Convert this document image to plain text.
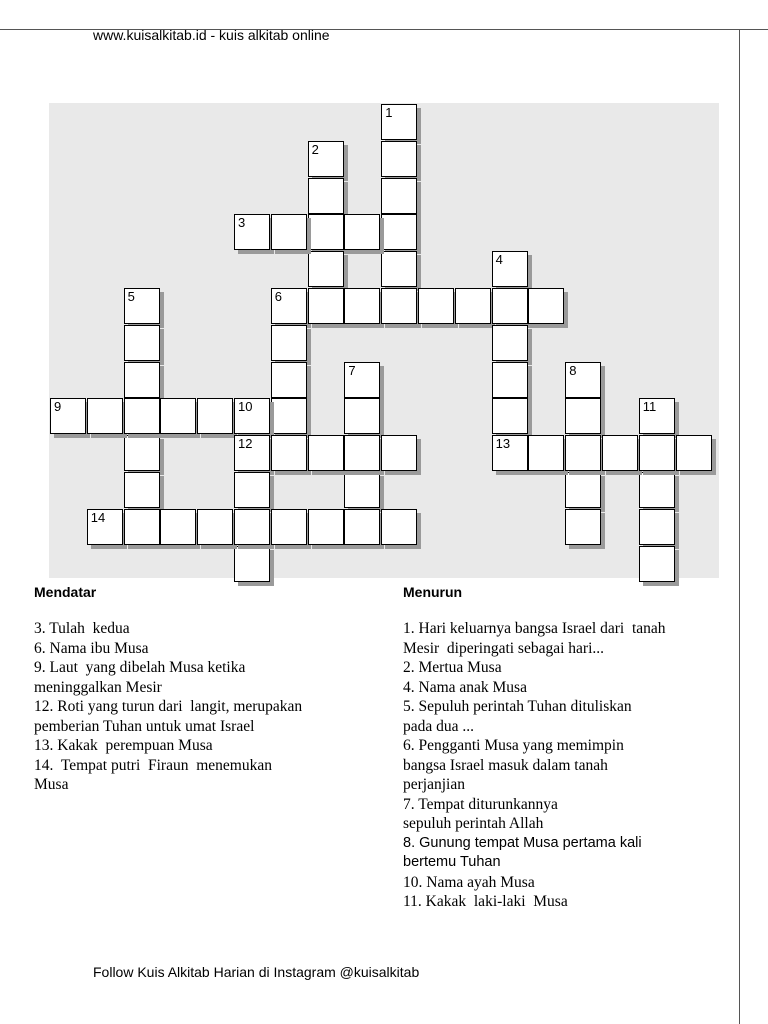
www.kuisalkitab.id - kuis alkitab online
1
2
3
4
6
5
7	8
11
9	10
12	13
14
Mendatar
3. Tulah  kedua
6. Nama ibu Musa
9. Laut  yang dibelah Musa ketika
meninggalkan Mesir
12. Roti yang turun dari  langit, merupakan
pemberian Tuhan untuk umat Israel
13. Kakak  perempuan Musa
14.  Tempat putri  Firaun  menemukan
Musa
Menurun
1. Hari keluarnya bangsa Israel dari  tanah
Mesir  diperingati sebagai hari...
2. Mertua Musa
4. Nama anak Musa
5. Sepuluh perintah Tuhan dituliskan
pada dua ...
6. Pengganti Musa yang memimpin
bangsa Israel masuk dalam tanah
perjanjian
7. Tempat diturunkannya
sepuluh perintah Allah
8. Gunung tempat Musa pertama kali
bertemu Tuhan
10. Nama ayah Musa
11. Kakak  laki-laki  Musa
Follow Kuis Alkitab Harian di Instagram @kuisalkitab
